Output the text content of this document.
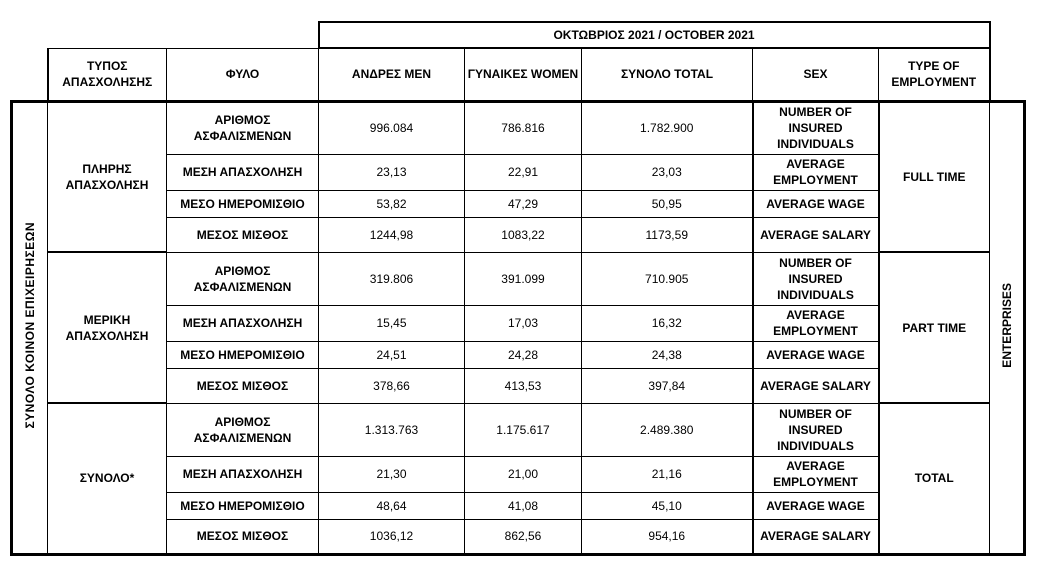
			ΟΚΤΩΒΡΙΟΣ 2021 / OCTOBER 2021					
	ΤΥΠΟΣ ΑΠΑΣΧΟΛΗΣΗΣ	ΦΥΛΟ	ΑΝΔΡΕΣ MEN	ΓΥΝΑΙΚΕΣ WOMEN	ΣΥΝΟΛΟ TOTAL	SEX	TYPE OF EMPLOYMENT	
ΣΥΝΟΛΟ ΚΟΙΝΟΝ ΕΠΙΧΕΙΡΗΣΕΩΝ	ΠΛΗΡΗΣ ΑΠΑΣΧΟΛΗΣΗ	ΑΡΙΘΜΟΣ ΑΣΦΑΛΙΣΜΕΝΩΝ	996.084	786.816	1.782.900	NUMBER OF INSURED INDIVIDUALS	FULL TIME	ENTERPRISES
		ΜΕΣΗ ΑΠΑΣΧΟΛΗΣΗ	23,13	22,91	23,03	AVERAGE EMPLOYMENT		
		ΜΕΣΟ ΗΜΕΡΟΜΙΣΘΙΟ	53,82	47,29	50,95	AVERAGE WAGE		
		ΜΕΣΟΣ ΜΙΣΘΟΣ	1244,98	1083,22	1173,59	AVERAGE SALARY		
	ΜΕΡΙΚΗ ΑΠΑΣΧΟΛΗΣΗ	ΑΡΙΘΜΟΣ ΑΣΦΑΛΙΣΜΕΝΩΝ	319.806	391.099	710.905	NUMBER OF INSURED INDIVIDUALS	PART TIME	
		ΜΕΣΗ ΑΠΑΣΧΟΛΗΣΗ	15,45	17,03	16,32	AVERAGE EMPLOYMENT		
		ΜΕΣΟ ΗΜΕΡΟΜΙΣΘΙΟ	24,51	24,28	24,38	AVERAGE WAGE		
		ΜΕΣΟΣ ΜΙΣΘΟΣ	378,66	413,53	397,84	AVERAGE SALARY		
	ΣΥΝΟΛΟ*	ΑΡΙΘΜΟΣ ΑΣΦΑΛΙΣΜΕΝΩΝ	1.313.763	1.175.617	2.489.380	NUMBER OF INSURED INDIVIDUALS	TOTAL	
		ΜΕΣΗ ΑΠΑΣΧΟΛΗΣΗ	21,30	21,00	21,16	AVERAGE EMPLOYMENT		
		ΜΕΣΟ ΗΜΕΡΟΜΙΣΘΙΟ	48,64	41,08	45,10	AVERAGE WAGE		
		ΜΕΣΟΣ ΜΙΣΘΟΣ	1036,12	862,56	954,16	AVERAGE SALARY		
